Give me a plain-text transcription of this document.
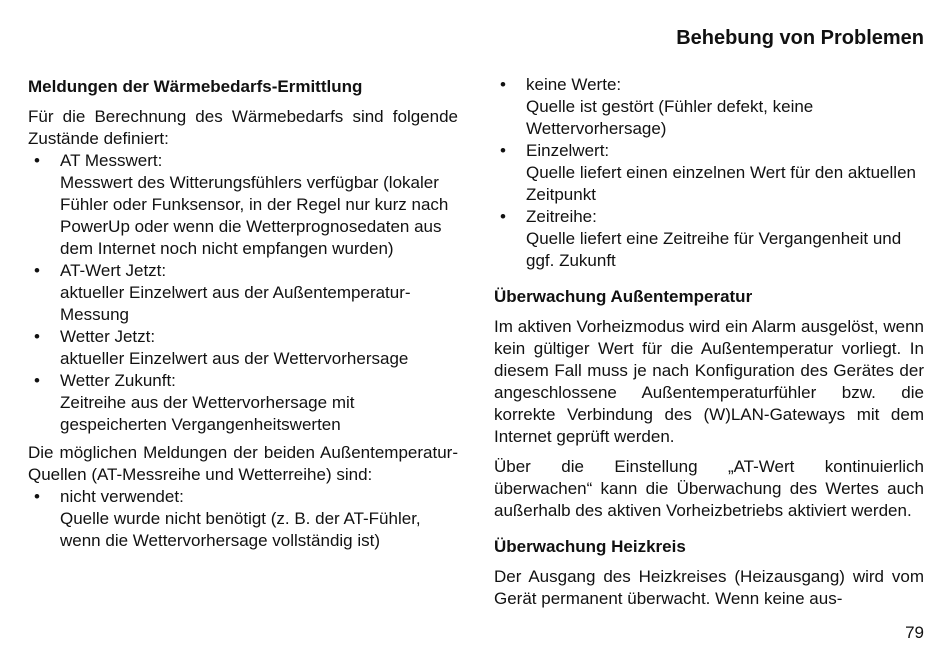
Behebung von Problemen
Meldungen der Wärmebedarfs-Ermittlung

Für die Berechnung des Wärmebedarfs sind folgende Zustände definiert:

• AT Messwert:
Messwert des Witterungsfühlers verfügbar (lokaler Fühler oder Funksensor, in der Regel nur kurz nach PowerUp oder wenn die Wetterprognosedaten aus dem Internet noch nicht empfangen wurden)
• AT-Wert Jetzt:
aktueller Einzelwert aus der Außentemperatur-Messung
• Wetter Jetzt:
aktueller Einzelwert aus der Wettervorhersage
• Wetter Zukunft:
Zeitreihe aus der Wettervorhersage mit gespeicherten Vergangenheitswerten

Die möglichen Meldungen der beiden Außentemperatur-Quellen (AT-Messreihe und Wetterreihe) sind:

• nicht verwendet:
Quelle wurde nicht benötigt (z. B. der AT-Fühler, wenn die Wettervorhersage vollständig ist)
• keine Werte:
Quelle ist gestört (Fühler defekt, keine Wettervorhersage)
• Einzelwert:
Quelle liefert einen einzelnen Wert für den aktuellen Zeitpunkt
• Zeitreihe:
Quelle liefert eine Zeitreihe für Vergangenheit und ggf. Zukunft
Überwachung Außentemperatur

Im aktiven Vorheizmodus wird ein Alarm ausgelöst, wenn kein gültiger Wert für die Außentemperatur vorliegt. In diesem Fall muss je nach Konfiguration des Gerätes der angeschlossene Außentemperaturfühler bzw. die korrekte Verbindung des (W)LAN-Gateways mit dem Internet geprüft werden.

Über die Einstellung „AT-Wert kontinuierlich überwachen“ kann die Überwachung des Wertes auch außerhalb des aktiven Vorheizbetriebs aktiviert werden.

Überwachung Heizkreis

Der Ausgang des Heizkreises (Heizausgang) wird vom Gerät permanent überwacht. Wenn keine aus-

79
